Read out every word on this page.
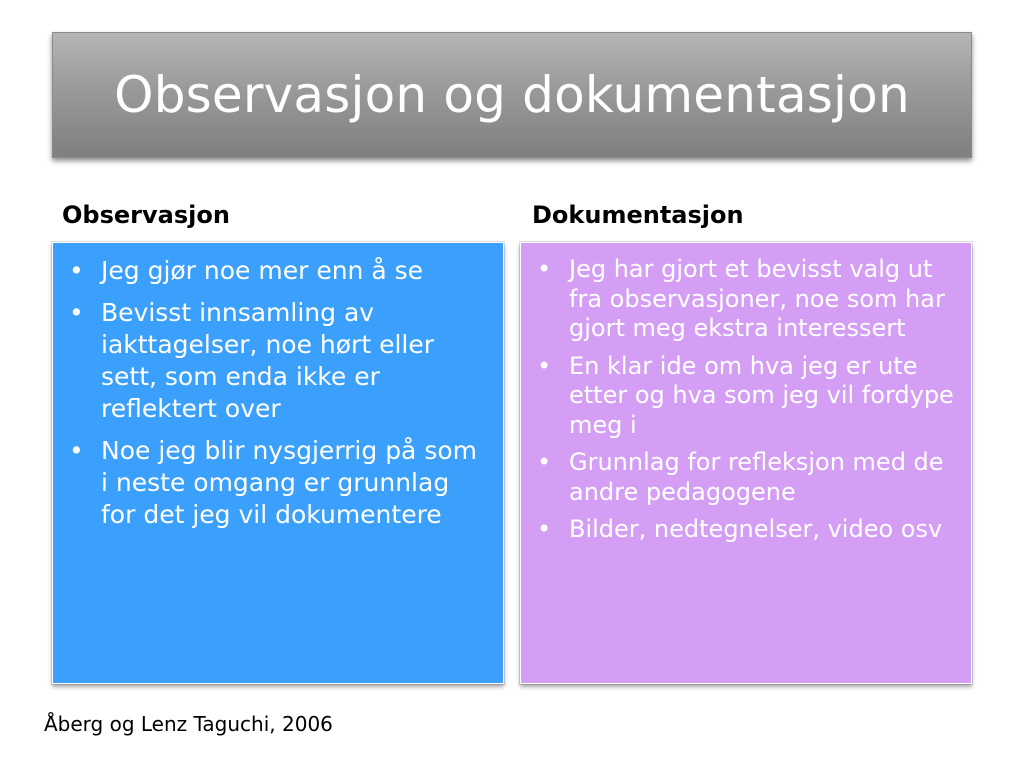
Observasjon og dokumentasjon
Observasjon	Dokumentasjon
• Jeg gjør noe mer enn å se
• Bevisst innsamling av iakttagelser, noe hørt eller sett, som enda ikke er reflektert over
• Noe jeg blir nysgjerrig på som i neste omgang er grunnlag for det jeg vil dokumentere
• Jeg har gjort et bevisst valg ut fra observasjoner, noe som har gjort meg ekstra interessert
• En klar ide om hva jeg er ute etter og hva som jeg vil fordype meg i
• Grunnlag for refleksjon med de andre pedagogene
• Bilder, nedtegnelser, video osv
Åberg og Lenz Taguchi, 2006
